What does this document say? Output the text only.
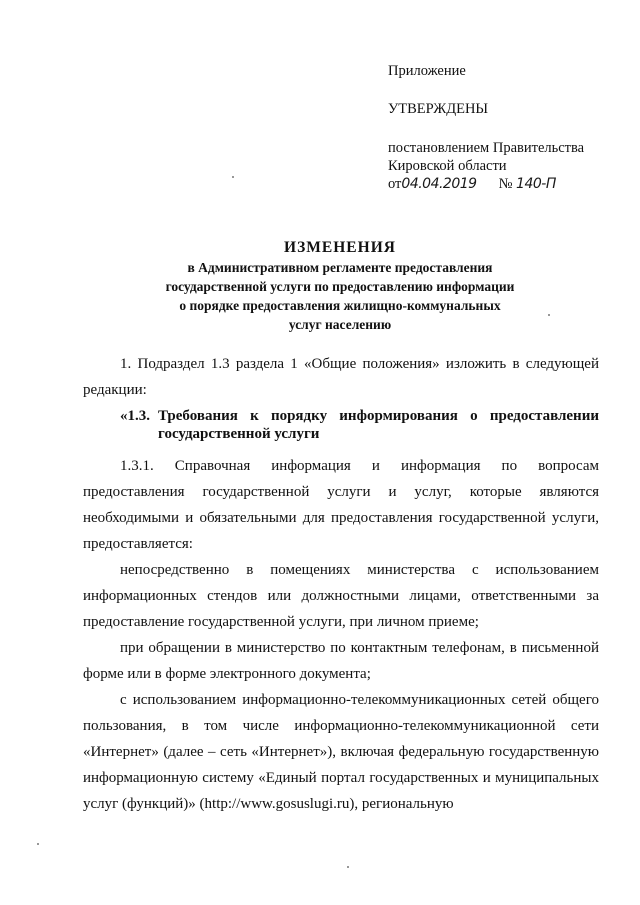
Приложение
УТВЕРЖДЕНЫ
постановлением Правительства
Кировской области
от04.04.2019 № 140-П
ИЗМЕНЕНИЯ
в Административном регламенте предоставления
государственной услуги по предоставлению информации
о порядке предоставления жилищно-коммунальных
услуг населению

1. Подраздел 1.3 раздела 1 «Общие положения» изложить в следующей редакции:

«1.3. Требования к порядку информирования о предоставлении государственной услуги

1.3.1. Справочная информация и информация по вопросам предоставления государственной услуги и услуг, которые являются необходимыми и обязательными для предоставления государственной услуги, предоставляется:

непосредственно в помещениях министерства с использованием информационных стендов или должностными лицами, ответственными за предоставление государственной услуги, при личном приеме;

при обращении в министерство по контактным телефонам, в письменной форме или в форме электронного документа;

с использованием информационно-телекоммуникационных сетей общего пользования, в том числе информационно-телекоммуникационной сети «Интернет» (далее – сеть «Интернет»), включая федеральную государственную информационную систему «Единый портал государственных и муниципальных услуг (функций)» (http://www.gosuslugi.ru), региональную
